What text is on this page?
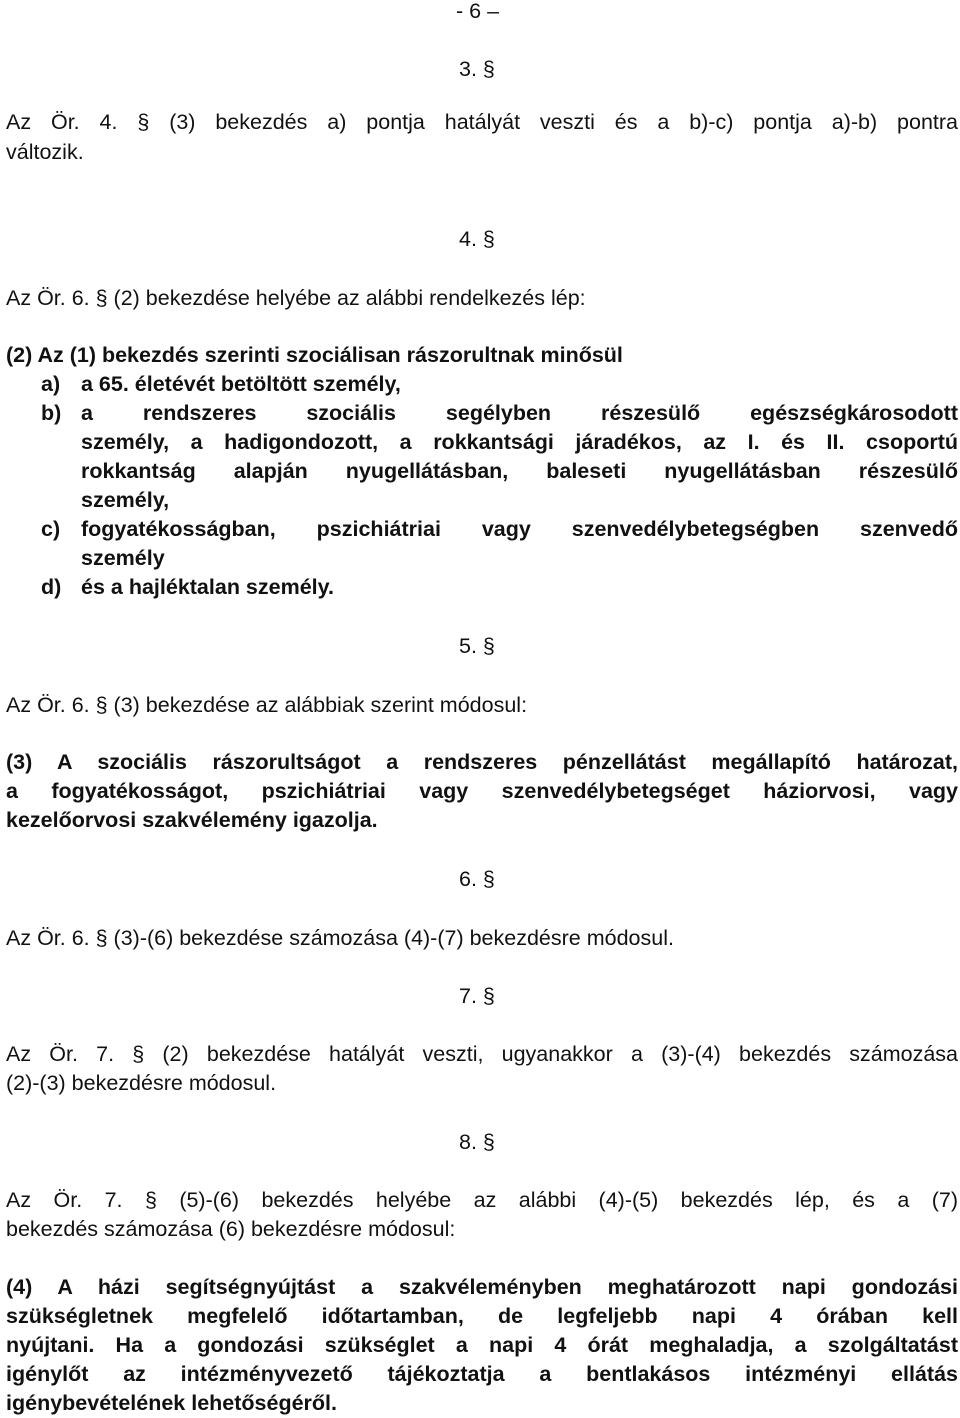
- 6 –
3. §
Az Ör. 4. § (3) bekezdés a) pontja hatályát veszti és a b)-c) pontja a)-b) pontra
változik.
4. §
Az Ör. 6. § (2) bekezdése helyébe az alábbi rendelkezés lép:
(2) Az (1) bekezdés szerinti szociálisan rászorultnak minősül
a) a 65. életévét betöltött személy,
b) a rendszeres szociális segélyben részesülő egészségkárosodott
személy, a hadigondozott, a rokkantsági járadékos, az I. és II. csoportú
rokkantság alapján nyugellátásban, baleseti nyugellátásban részesülő
személy,
c) fogyatékosságban, pszichiátriai vagy szenvedélybetegségben szenvedő
személy
d) és a hajléktalan személy.
5. §
Az Ör. 6. § (3) bekezdése az alábbiak szerint módosul:
(3) A szociális rászorultságot a rendszeres pénzellátást megállapító határozat,
a fogyatékosságot, pszichiátriai vagy szenvedélybetegséget háziorvosi, vagy
kezelőorvosi szakvélemény igazolja.
6. §
Az Ör. 6. § (3)-(6) bekezdése számozása (4)-(7) bekezdésre módosul.
7. §
Az Ör. 7. § (2) bekezdése hatályát veszti, ugyanakkor a (3)-(4) bekezdés számozása
(2)-(3) bekezdésre módosul.
8. §
Az Ör. 7. § (5)-(6) bekezdés helyébe az alábbi (4)-(5) bekezdés lép, és a (7)
bekezdés számozása (6) bekezdésre módosul:
(4) A házi segítségnyújtást a szakvéleményben meghatározott napi gondozási
szükségletnek megfelelő időtartamban, de legfeljebb napi 4 órában kell
nyújtani. Ha a gondozási szükséglet a napi 4 órát meghaladja, a szolgáltatást
igénylőt az intézményvezető tájékoztatja a bentlakásos intézményi ellátás
igénybevételének lehetőségéről.
